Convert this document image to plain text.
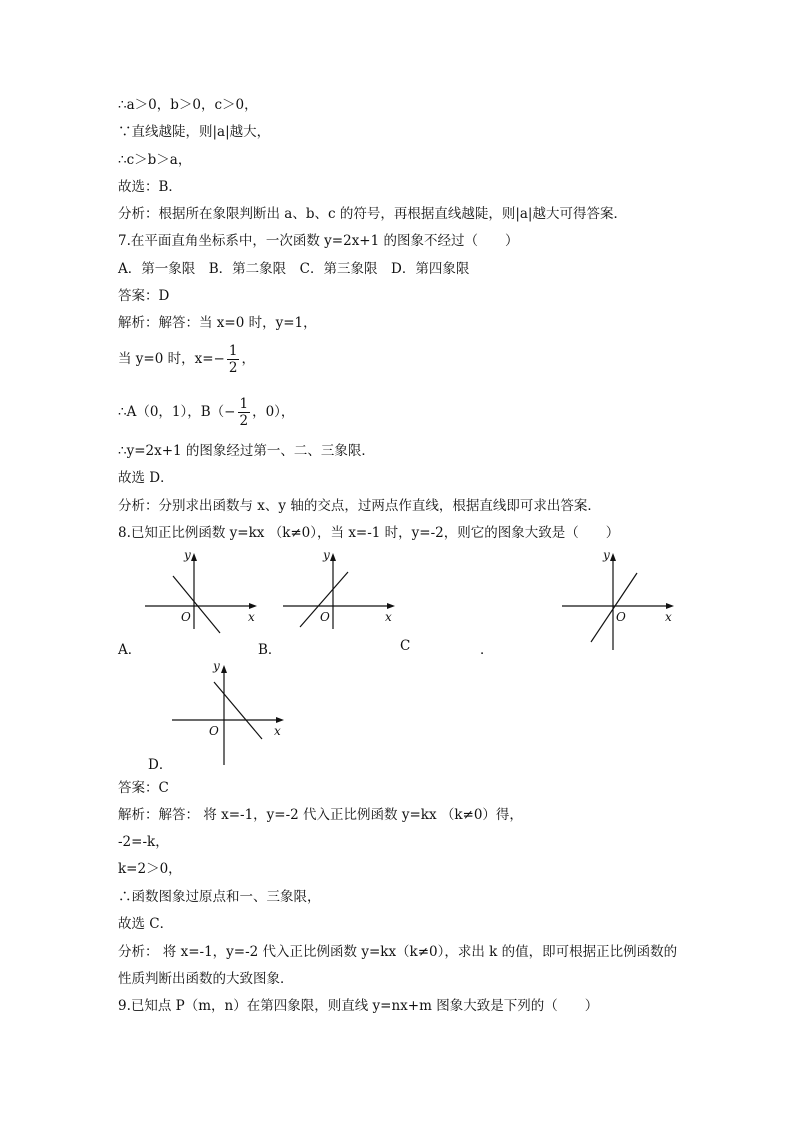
∴a＞0，b＞0，c＞0，
∵直线越陡，则|a|越大，
∴c＞b＞a，
故选：B．
分析：根据所在象限判断出 a、b、c 的符号，再根据直线越陡，则|a|越大可得答案．
7.在平面直角坐标系中，一次函数 y=2x+1 的图象不经过（　　）
A．第一象限　B．第二象限　C．第三象限　D．第四象限
答案：D
解析：解答：当 x=0 时，y=1，
当 y=0 时，$x=- \frac{1}{2}$ ，
∴A（0，1），$B(- \frac{1}{2}$ ，0），
∴y=2x+1 的图象经过第一、二、三象限．
故选 D．
分析：分别求出函数与 x、y 轴的交点，过两点作直线，根据直线即可求出答案．
8.已知正比例函数 y=kx （k≠0），当 x=-1 时，y=-2，则它的图象大致是（　　）
x
y
O
A．
x
y
O
B．	C	．
x
y
O
x
y
O
D．
答案：C
解析：解答： 将 x=-1，y=-2 代入正比例函数 y=kx （k≠0）得，
-2=-k，
k=2＞0，
∴函数图象过原点和一、三象限，
故选 C．
分析： 将 x=-1，y=-2 代入正比例函数 y=kx（k≠0），求出 k 的值，即可根据正比例函数的
性质判断出函数的大致图象．
9.已知点 P（m，n）在第四象限，则直线 y=nx+m 图象大致是下列的（　　）
